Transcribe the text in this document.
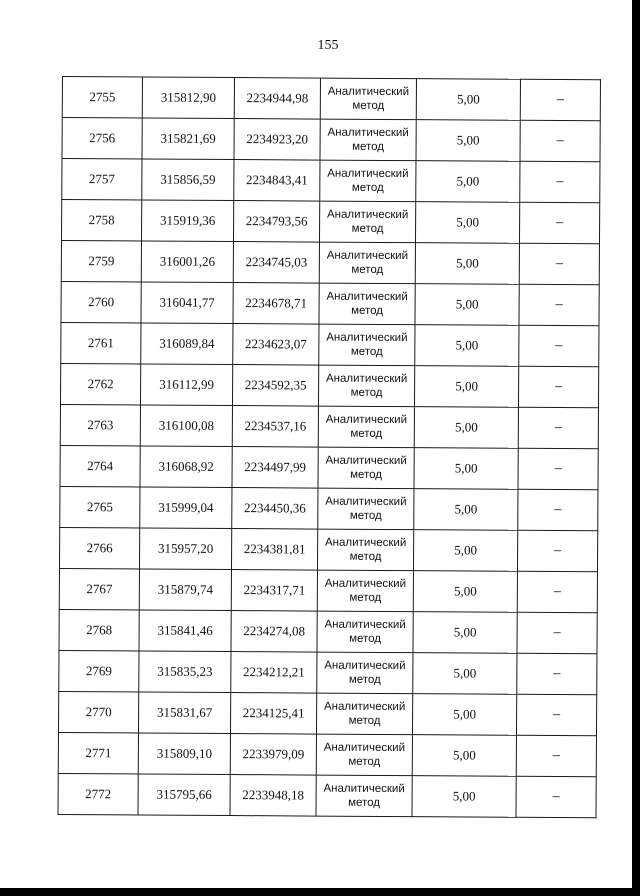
155
2755	315812,90	2234944,98	Аналитический метод	5,00	–
2756	315821,69	2234923,20	Аналитический метод	5,00	–
2757	315856,59	2234843,41	Аналитический метод	5,00	–
2758	315919,36	2234793,56	Аналитический метод	5,00	–
2759	316001,26	2234745,03	Аналитический метод	5,00	–
2760	316041,77	2234678,71	Аналитический метод	5,00	–
2761	316089,84	2234623,07	Аналитический метод	5,00	–
2762	316112,99	2234592,35	Аналитический метод	5,00	–
2763	316100,08	2234537,16	Аналитический метод	5,00	–
2764	316068,92	2234497,99	Аналитический метод	5,00	–
2765	315999,04	2234450,36	Аналитический метод	5,00	–
2766	315957,20	2234381,81	Аналитический метод	5,00	–
2767	315879,74	2234317,71	Аналитический метод	5,00	–
2768	315841,46	2234274,08	Аналитический метод	5,00	–
2769	315835,23	2234212,21	Аналитический метод	5,00	–
2770	315831,67	2234125,41	Аналитический метод	5,00	–
2771	315809,10	2233979,09	Аналитический метод	5,00	–
2772	315795,66	2233948,18	Аналитический метод	5,00	–
